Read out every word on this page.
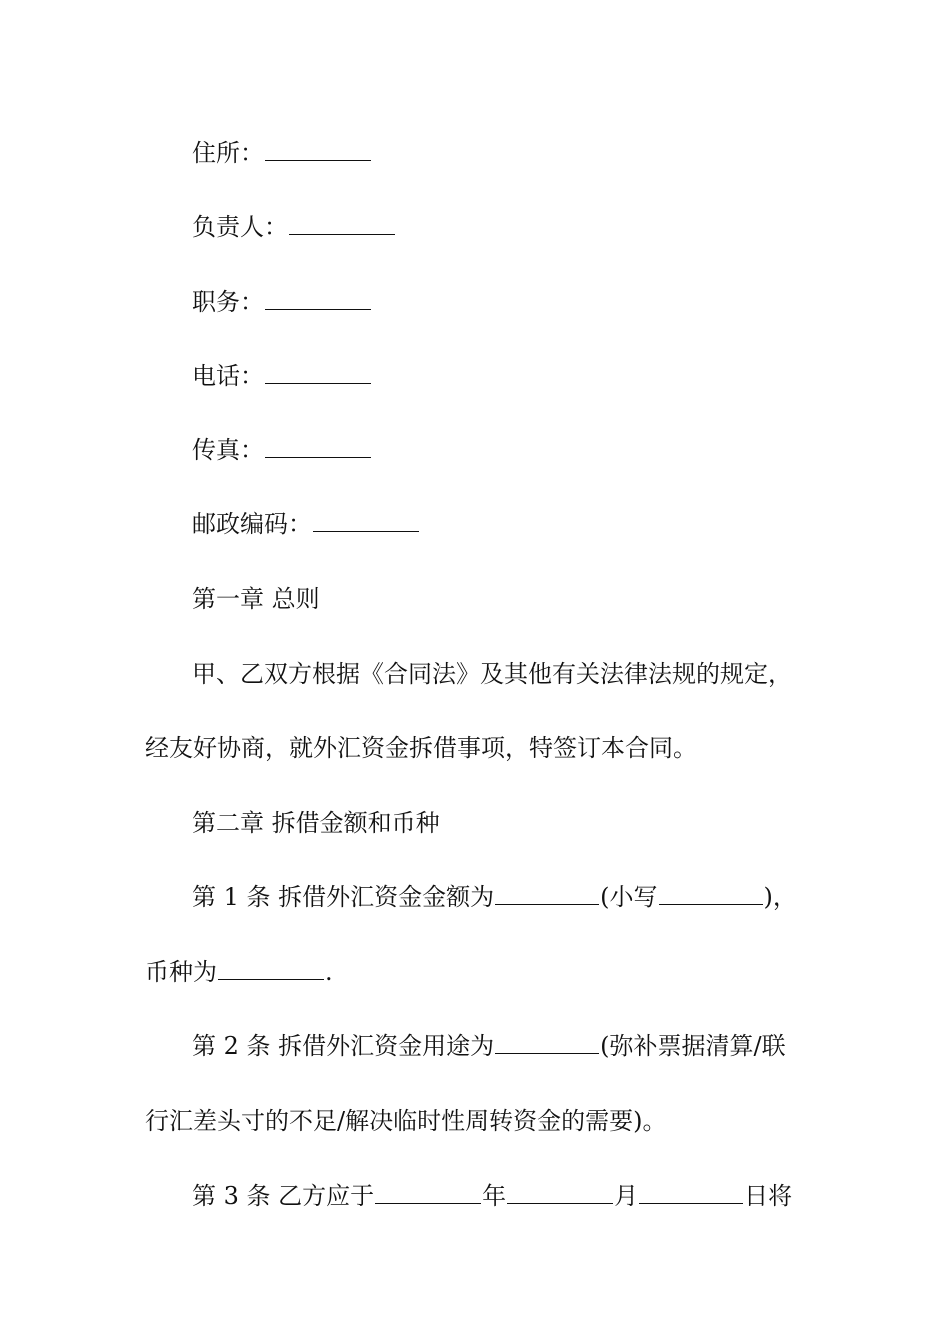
住所：
负责人：
职务：
电话：
传真：
邮政编码：
第一章 总则
甲、乙双方根据《合同法》及其他有关法律法规的规定，
经友好协商，就外汇资金拆借事项，特签订本合同。
第二章 拆借金额和币种
第 1 条 拆借外汇资金金额为	(小写	)，
币种为	.
第 2 条 拆借外汇资金用途为	(弥补票据清算/联
行汇差头寸的不足/解决临时性周转资金的需要)。
第 3 条 乙方应于	年	月	日将
